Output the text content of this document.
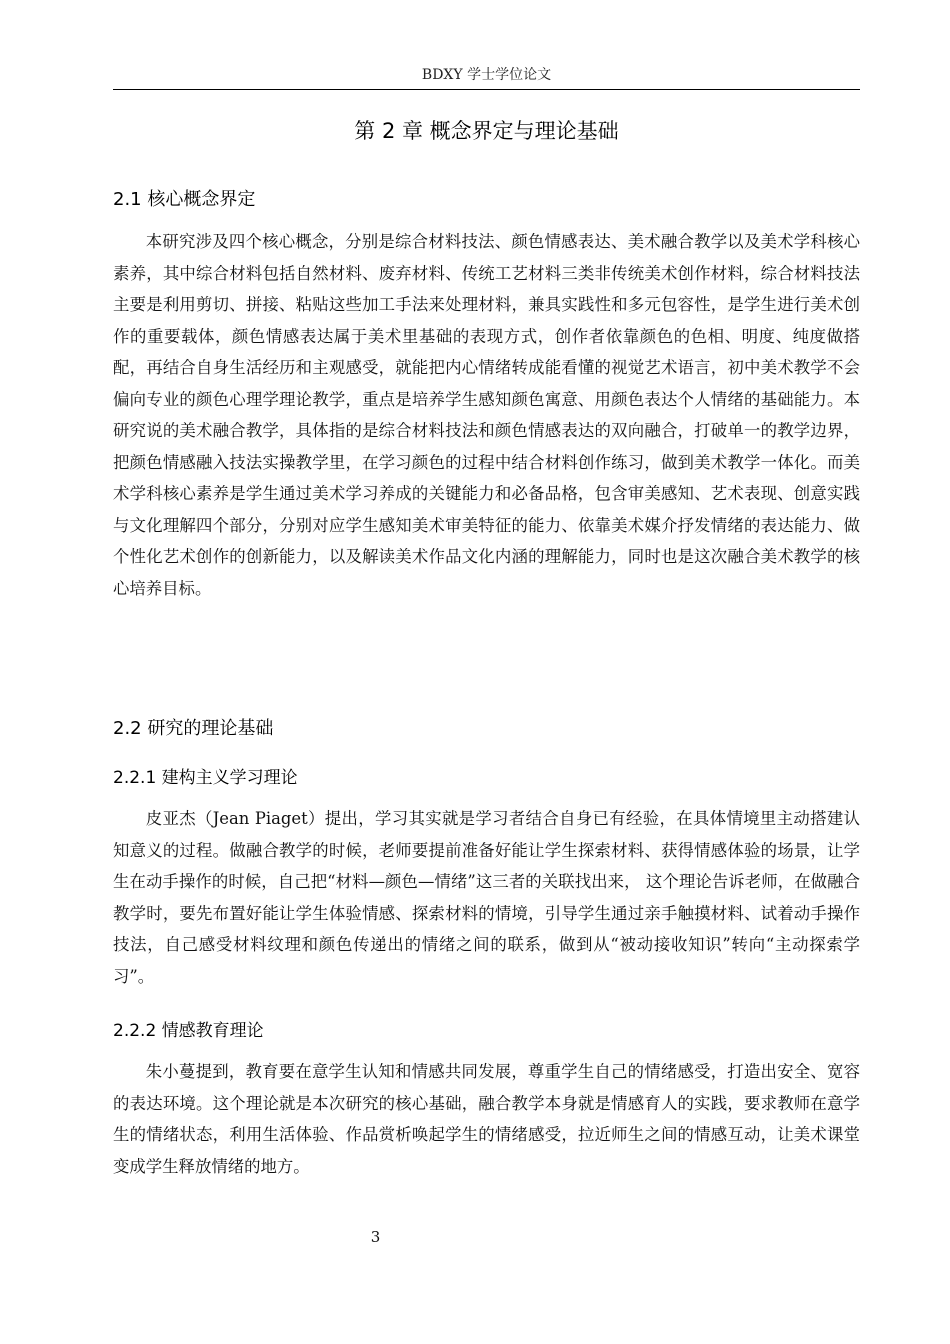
BDXY 学士学位论文
第 2 章 概念界定与理论基础
2.1 核心概念界定

本研究涉及四个核心概念，分别是综合材料技法、颜色情感表达、美术融合教学以及美术学科核心素养，其中综合材料包括自然材料、废弃材料、传统工艺材料三类非传统美术创作材料，综合材料技法主要是利用剪切、拼接、粘贴这些加工手法来处理材料，兼具实践性和多元包容性，是学生进行美术创作的重要载体，颜色情感表达属于美术里基础的表现方式，创作者依靠颜色的色相、明度、纯度做搭配，再结合自身生活经历和主观感受，就能把内心情绪转成能看懂的视觉艺术语言，初中美术教学不会偏向专业的颜色心理学理论教学，重点是培养学生感知颜色寓意、用颜色表达个人情绪的基础能力。本研究说的美术融合教学，具体指的是综合材料技法和颜色情感表达的双向融合，打破单一的教学边界，把颜色情感融入技法实操教学里，在学习颜色的过程中结合材料创作练习，做到美术教学一体化。而美术学科核心素养是学生通过美术学习养成的关键能力和必备品格，包含审美感知、艺术表现、创意实践与文化理解四个部分，分别对应学生感知美术审美特征的能力、依靠美术媒介抒发情绪的表达能力、做个性化艺术创作的创新能力，以及解读美术作品文化内涵的理解能力，同时也是这次融合美术教学的核心培养目标。

2.2 研究的理论基础
2.2.1 建构主义学习理论

皮亚杰（Jean Piaget）提出，学习其实就是学习者结合自身已有经验，在具体情境里主动搭建认知意义的过程。做融合教学的时候，老师要提前准备好能让学生探索材料、获得情感体验的场景，让学生在动手操作的时候，自己把“材料—颜色—情绪”这三者的关联找出来， 这个理论告诉老师，在做融合教学时，要先布置好能让学生体验情感、探索材料的情境，引导学生通过亲手触摸材料、试着动手操作技法，自己感受材料纹理和颜色传递出的情绪之间的联系，做到从“被动接收知识”转向“主动探索学习”。

2.2.2 情感教育理论

朱小蔓提到，教育要在意学生认知和情感共同发展，尊重学生自己的情绪感受，打造出安全、宽容的表达环境。这个理论就是本次研究的核心基础，融合教学本身就是情感育人的实践，要求教师在意学生的情绪状态，利用生活体验、作品赏析唤起学生的情绪感受，拉近师生之间的情感互动，让美术课堂变成学生释放情绪的地方。

3
